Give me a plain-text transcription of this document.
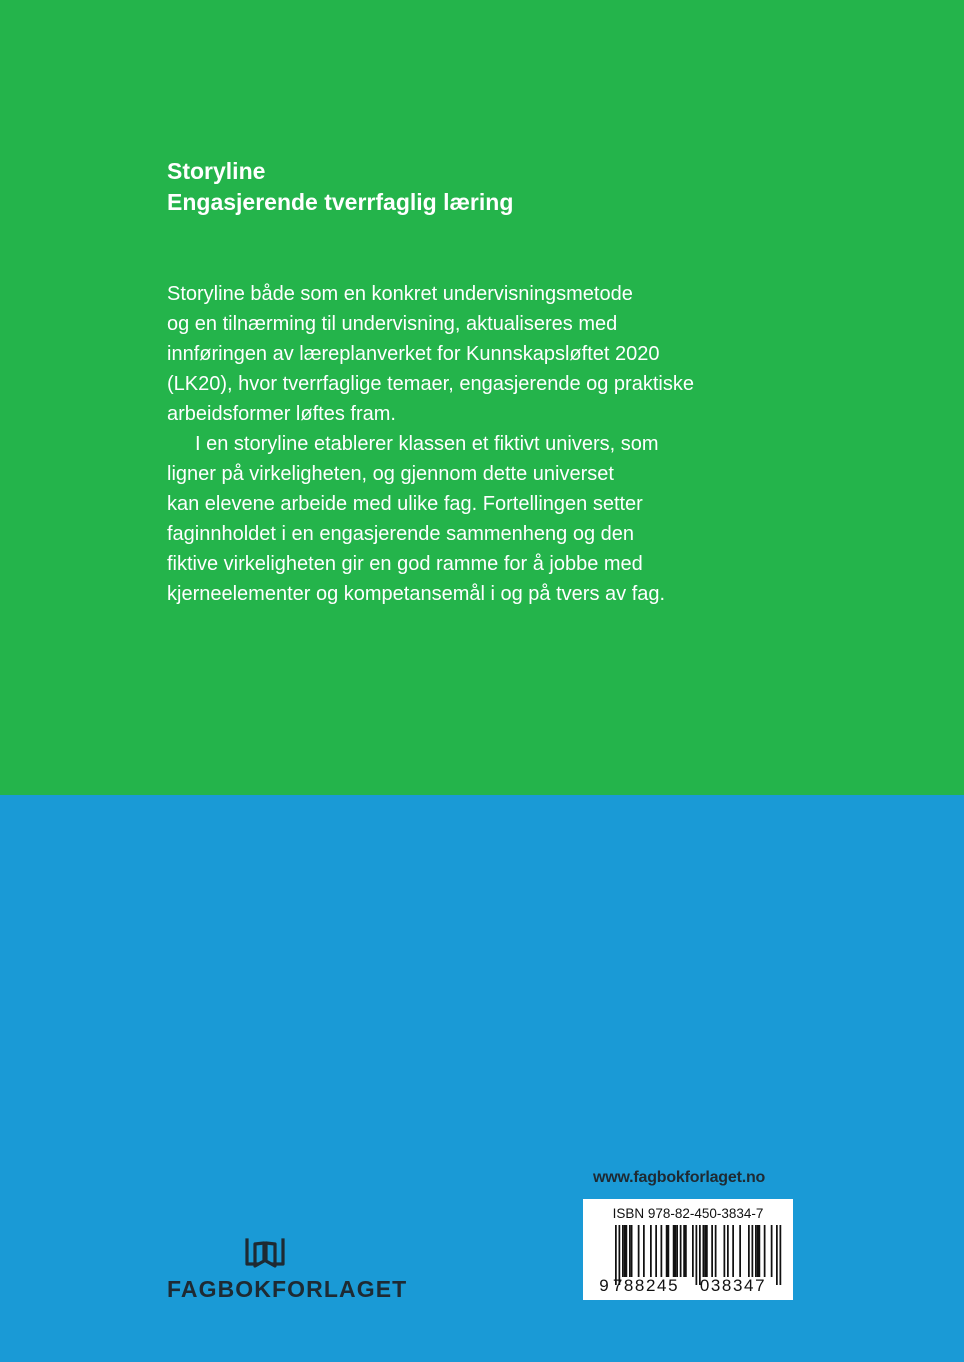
Storyline
Engasjerende tverrfaglig læring
Storyline både som en konkret undervisningsmetode
og en tilnærming til undervisning, aktualiseres med
innføringen av læreplanverket for Kunnskapsløftet 2020
(LK20), hvor tverrfaglige temaer, engasjerende og praktiske
arbeidsformer løftes fram.
I en storyline etablerer klassen et fiktivt univers, som
ligner på virkeligheten, og gjennom dette universet
kan elevene arbeide med ulike fag. Fortellingen setter
faginnholdet i en engasjerende sammenheng og den
fiktive virkeligheten gir en god ramme for å jobbe med
kjerneelementer og kompetansemål i og på tvers av fag.
www.fagbokforlaget.no
ISBN 978-82-450-3834-7
9 788245 038347
FAGBOKFORLAGET
